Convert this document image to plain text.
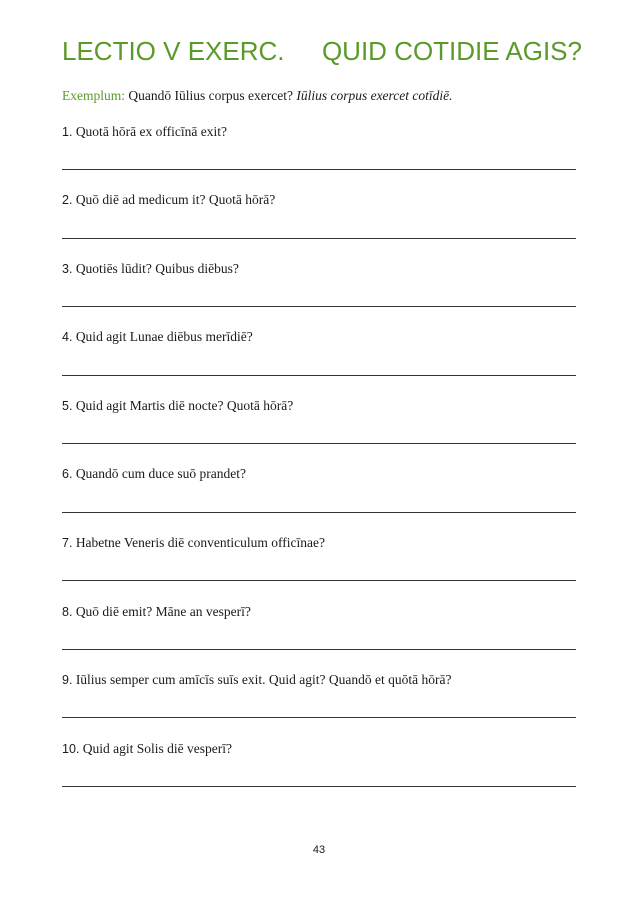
LECTIO V EXERC. QUID COTIDIE AGIS?
Exemplum: Quandō Iūlius corpus exercet? Iūlius corpus exercet cotīdiē.
1. Quotā hōrā ex officīnā exit?
2. Quō diē ad medicum it? Quotā hōrā?
3. Quotiēs lūdit? Quibus diēbus?
4. Quid agit Lunae diēbus merīdiē?
5. Quid agit Martis diē nocte? Quotā hōrā?
6. Quandō cum duce suō prandet?
7. Habetne Veneris diē conventiculum officīnae?
8. Quō diē emit? Māne an vesperī?
9. Iūlius semper cum amīcīs suīs exit. Quid agit? Quandō et quōtā hōrā?
10. Quid agit Solis diē vesperī?
43
